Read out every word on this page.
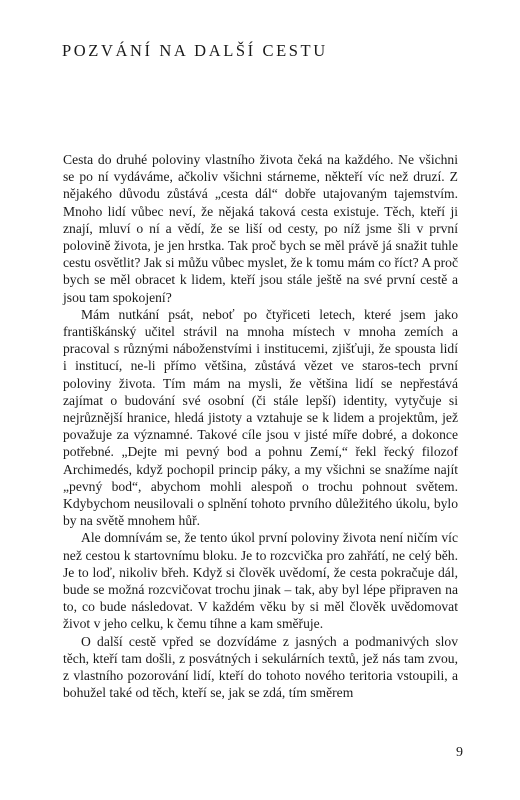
POZVÁNÍ NA DALŠÍ CESTU

Cesta do druhé poloviny vlastního života čeká na každého. Ne všichni se po ní vydáváme, ačkoliv všichni stárneme, někteří víc než druzí. Z nějakého důvodu zůstává „cesta dál“ dobře utajovaným tajemstvím. Mnoho lidí vůbec neví, že nějaká taková cesta existuje. Těch, kteří ji znají, mluví o ní a vědí, že se liší od cesty, po níž jsme šli v první polovině života, je jen hrstka. Tak proč bych se měl právě já snažit tuhle cestu osvětlit? Jak si můžu vůbec myslet, že k tomu mám co říct? A proč bych se měl obracet k lidem, kteří jsou stále ještě na své první cestě a jsou tam spokojení?

Mám nutkání psát, neboť po čtyřiceti letech, které jsem jako františkánský učitel strávil na mnoha místech v mnoha zemích a pracoval s různými náboženstvími i institucemi, zjišťuji, že spousta lidí i institucí, ne-li přímo většina, zůstává vězet ve staros-tech první poloviny života. Tím mám na mysli, že většina lidí se nepřestává zajímat o budování své osobní (či stále lepší) identity, vytyčuje si nejrůznější hranice, hledá jistoty a vztahuje se k lidem a projektům, jež považuje za významné. Takové cíle jsou v jisté míře dobré, a dokonce potřebné. „Dejte mi pevný bod a pohnu Zemí,“ řekl řecký filozof Archimedés, když pochopil princip páky, a my všichni se snažíme najít „pevný bod“, abychom mohli alespoň o trochu pohnout světem. Kdybychom neusilovali o splnění tohoto prvního důležitého úkolu, bylo by na světě mnohem hůř.

Ale domnívám se, že tento úkol první poloviny života není ničím víc než cestou k startovnímu bloku. Je to rozcvička pro zahřátí, ne celý běh. Je to loď, nikoliv břeh. Když si člověk uvědomí, že cesta pokračuje dál, bude se možná rozcvičovat trochu jinak – tak, aby byl lépe připraven na to, co bude následovat. V každém věku by si měl člověk uvědomovat život v jeho celku, k čemu tíhne a kam směřuje.

O další cestě vpřed se dozvídáme z jasných a podmanivých slov těch, kteří tam došli, z posvátných i sekulárních textů, jež nás tam zvou, z vlastního pozorování lidí, kteří do tohoto nového teritoria vstoupili, a bohužel také od těch, kteří se, jak se zdá, tím směrem

9
